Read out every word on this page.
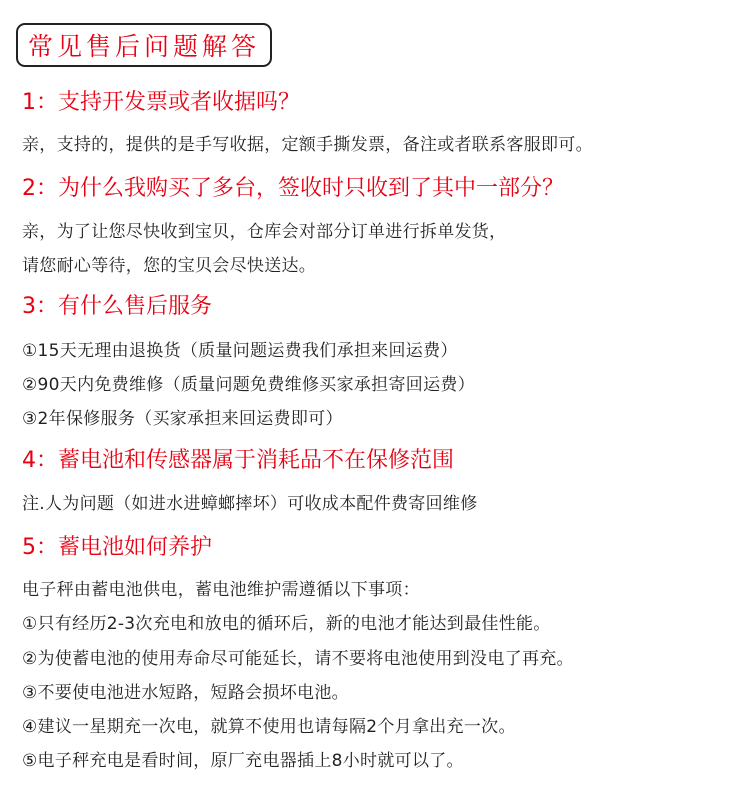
常见售后问题解答
1：支持开发票或者收据吗？
亲，支持的，提供的是手写收据，定额手撕发票，备注或者联系客服即可。
2：为什么我购买了多台，签收时只收到了其中一部分？
亲，为了让您尽快收到宝贝，仓库会对部分订单进行拆单发货，
请您耐心等待，您的宝贝会尽快送达。
3：有什么售后服务
①15天无理由退换货（质量问题运费我们承担来回运费）
②90天内免费维修（质量问题免费维修买家承担寄回运费）
③2年保修服务（买家承担来回运费即可）
4：蓄电池和传感器属于消耗品不在保修范围
注.人为问题（如进水进蟑螂摔坏）可收成本配件费寄回维修
5：蓄电池如何养护
电子秤由蓄电池供电，蓄电池维护需遵循以下事项：
①只有经历2-3次充电和放电的循环后，新的电池才能达到最佳性能。
②为使蓄电池的使用寿命尽可能延长，请不要将电池使用到没电了再充。
③不要使电池进水短路，短路会损坏电池。
④建议一星期充一次电，就算不使用也请每隔2个月拿出充一次。
⑤电子秤充电是看时间，原厂充电器插上8小时就可以了。
